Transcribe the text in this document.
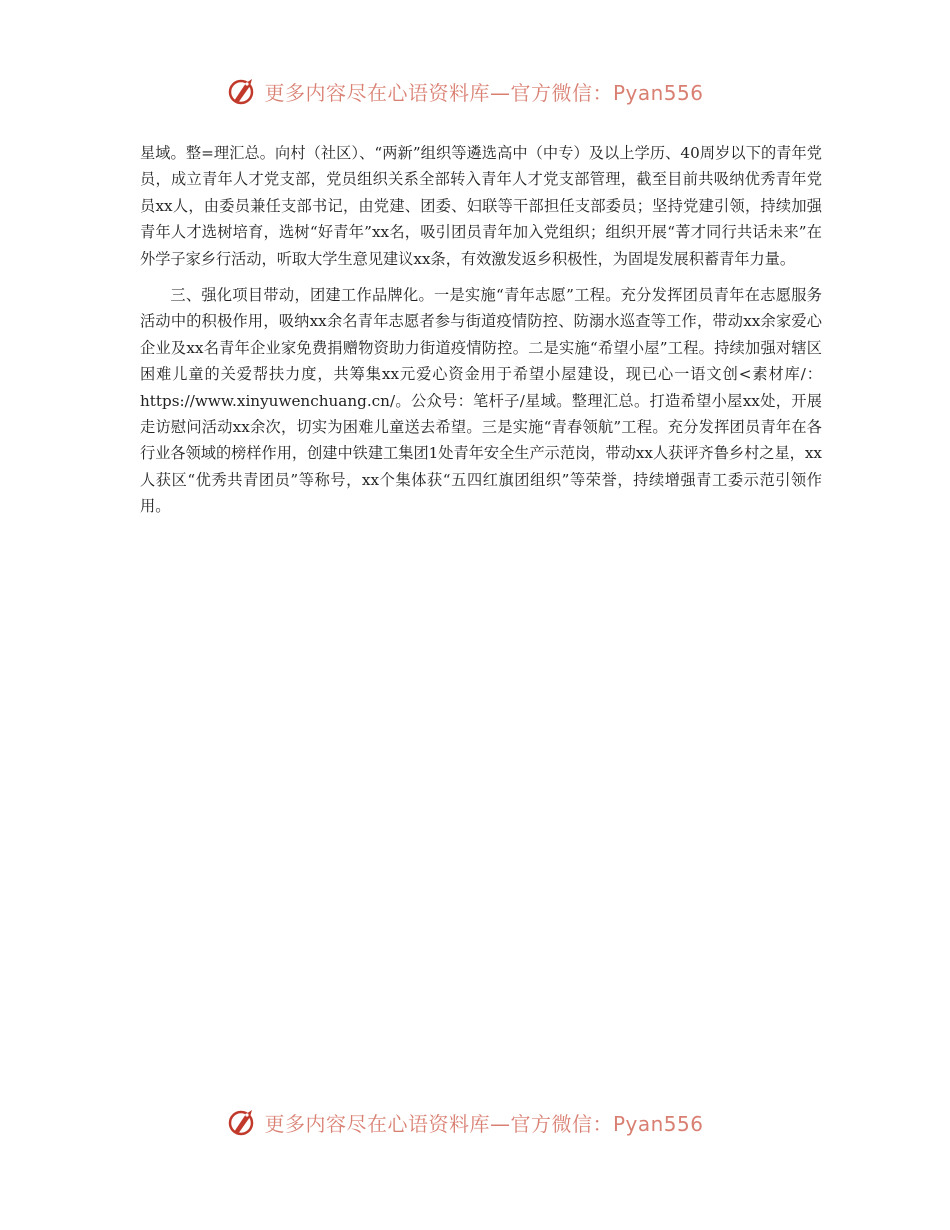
更多内容尽在心语资料库—官方微信：Pyan556

星域。整=理汇总。向村（社区）、“两新”组织等遴选高中（中专）及以上学历、40周岁以下的青年党员，成立青年人才党支部，党员组织关系全部转入青年人才党支部管理，截至目前共吸纳优秀青年党员xx人，由委员兼任支部书记，由党建、团委、妇联等干部担任支部委员；坚持党建引领，持续加强青年人才选树培育，选树“好青年”xx名，吸引团员青年加入党组织；组织开展“菁才同行共话未来”在外学子家乡行活动，听取大学生意见建议xx条，有效激发返乡积极性，为固堤发展积蓄青年力量。

三、强化项目带动，团建工作品牌化。一是实施“青年志愿”工程。充分发挥团员青年在志愿服务活动中的积极作用，吸纳xx余名青年志愿者参与街道疫情防控、防溺水巡查等工作，带动xx余家爱心企业及xx名青年企业家免费捐赠物资助力街道疫情防控。二是实施“希望小屋”工程。持续加强对辖区困难儿童的关爱帮扶力度，共筹集xx元爱心资金用于希望小屋建设，现已心一语文创<素材库/：https://www.xinyuwenchuang.cn/。公众号：笔杆子/星域。整理汇总。打造希望小屋xx处，开展走访慰问活动xx余次，切实为困难儿童送去希望。三是实施“青春领航”工程。充分发挥团员青年在各行业各领域的榜样作用，创建中铁建工集团1处青年安全生产示范岗，带动xx人获评齐鲁乡村之星，xx人获区“优秀共青团员”等称号，xx个集体获“五四红旗团组织”等荣誉，持续增强青工委示范引领作用。

更多内容尽在心语资料库—官方微信：Pyan556
